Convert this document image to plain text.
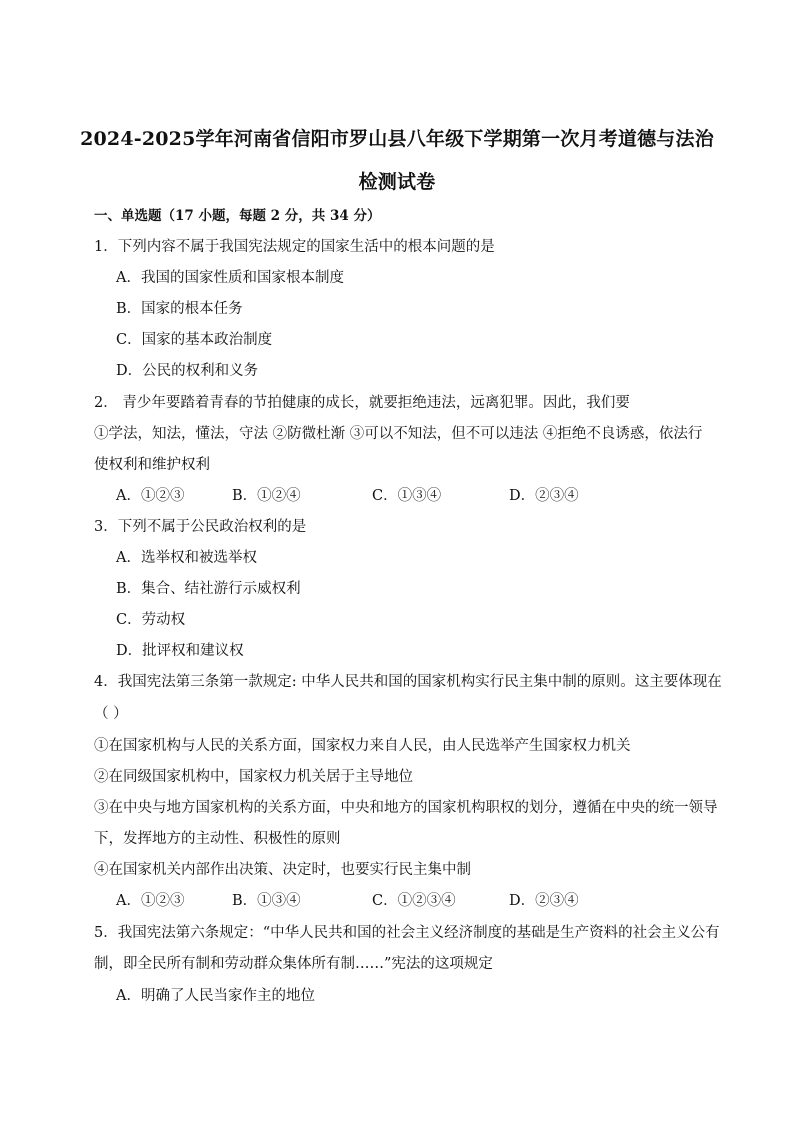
2024-2025学年河南省信阳市罗山县八年级下学期第一次月考道德与法治
检测试卷
一、单选题（17 小题，每题 2 分，共 34 分）
1．下列内容不属于我国宪法规定的国家生活中的根本问题的是
A．我国的国家性质和国家根本制度
B．国家的根本任务
C．国家的基本政治制度
D．公民的权利和义务
2． 青少年要踏着青春的节拍健康的成长，就要拒绝违法，远离犯罪。因此，我们要
①学法，知法，懂法，守法 ②防微杜渐 ③可以不知法，但不可以违法 ④拒绝不良诱惑，依法行
使权利和维护权利
A．①②③	B．①②④	C．①③④	D．②③④
3．下列不属于公民政治权利的是
A．选举权和被选举权
B．集合、结社游行示威权利
C．劳动权
D．批评权和建议权
4．我国宪法第三条第一款规定: 中华人民共和国的国家机构实行民主集中制的原则。这主要体现在
（ ）
①在国家机构与人民的关系方面，国家权力来自人民，由人民选举产生国家权力机关
②在同级国家机构中，国家权力机关居于主导地位
③在中央与地方国家机构的关系方面，中央和地方的国家机构职权的划分，遵循在中央的统一领导
下，发挥地方的主动性、积极性的原则
④在国家机关内部作出决策、决定时，也要实行民主集中制
A．①②③	B．①③④	C．①②③④	D．②③④
5．我国宪法第六条规定：“中华人民共和国的社会主义经济制度的基础是生产资料的社会主义公有
制，即全民所有制和劳动群众集体所有制……”宪法的这项规定
A．明确了人民当家作主的地位
